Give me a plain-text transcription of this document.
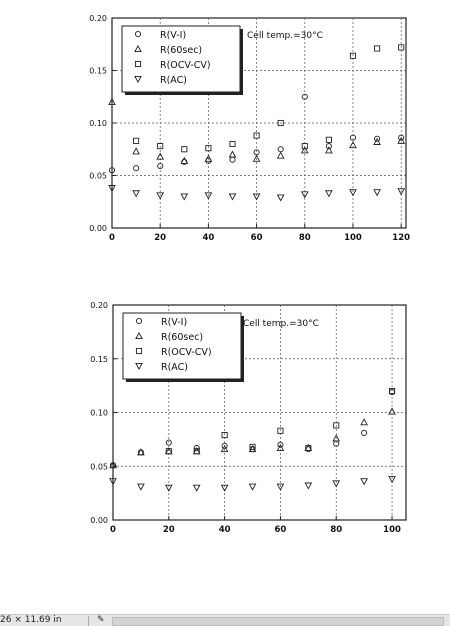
0.00
0.05
0.10
0.15
0.20
0	20	40	60	80	100	120
R(V-I)
R(60sec)
R(OCV-CV)
R(AC)
Cell temp.=30°C
0.00
0.05
0.10
0.15
0.20
0	20	40	60	80	100
R(V-I)
R(60sec)
R(OCV-CV)
R(AC)
Cell temp.=30°C
26 × 11.69 in	✎
